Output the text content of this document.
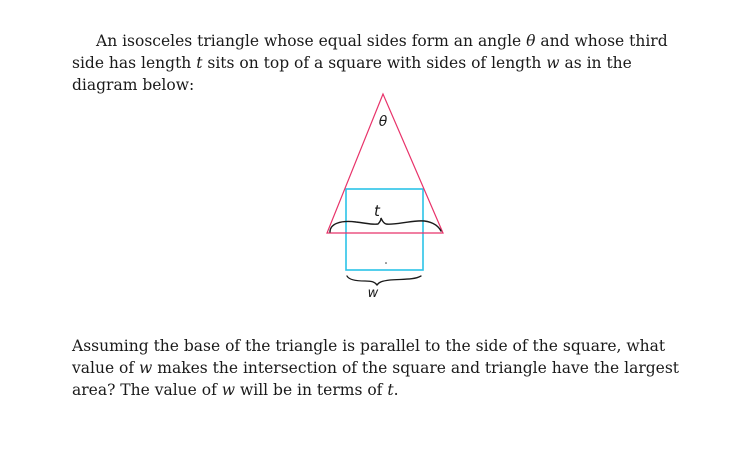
An isosceles triangle whose equal sides form an angle θ and whose third side has length t sits on top of a square with sides of length w as in the diagram below:

θ
t
w

Assuming the base of the triangle is parallel to the side of the square, what value of w makes the intersection of the square and triangle have the largest area? The value of w will be in terms of t.
